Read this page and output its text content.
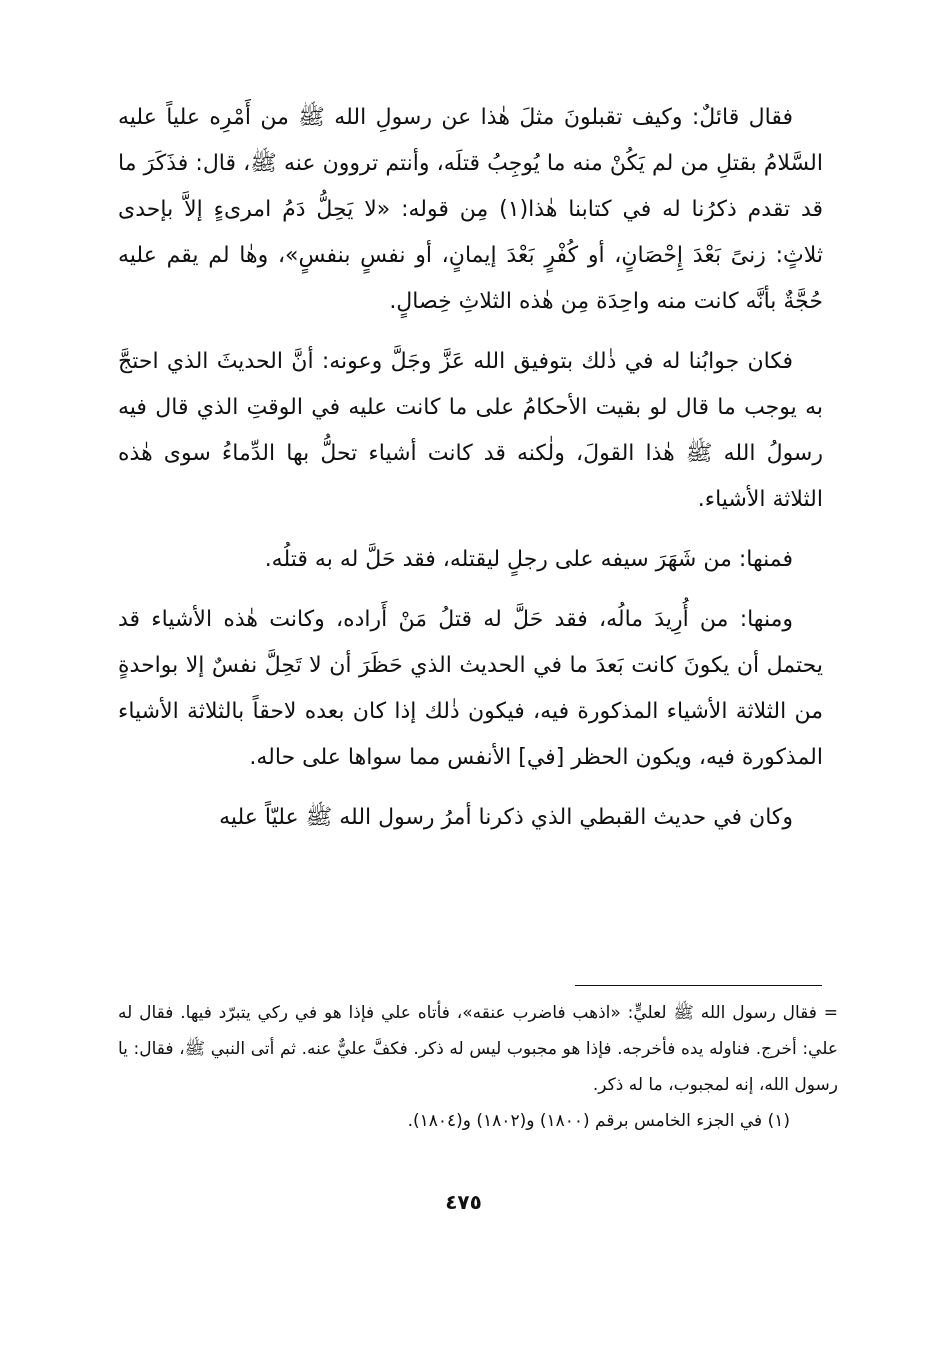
فقال قائلٌ: وكيف تقبلونَ مثلَ هٰذا عن رسولِ الله ﷺ من أَمْرِه علياً عليه السَّلامُ بقتلِ من لم يَكُنْ منه ما يُوجِبُ قتلَه، وأنتم تروون عنه ﷺ، قال: فذَكَرَ ما قد تقدم ذكرُنا له في كتابنا هٰذا(١) مِن قوله: «لا يَحِلُّ دَمُ امرىءٍ إلاَّ بإحدى ثلاثٍ: زنىً بَعْدَ إِحْصَانٍ، أو كُفْرٍ بَعْدَ إيمانٍ، أو نفسٍ بنفسٍ»، وهٰا لم يقم عليه حُجَّةٌ بأنَّه كانت منه واحِدَة مِن هٰذه الثلاثِ خِصالٍ.

فكان جوابُنا له في ذٰلك بتوفيق الله عَزَّ وجَلَّ وعونه: أنَّ الحديثَ الذي احتجَّ به يوجب ما قال لو بقيت الأحكامُ على ما كانت عليه في الوقتِ الذي قال فيه رسولُ الله ﷺ هٰذا القولَ، ولٰكنه قد كانت أشياء تحلُّ بها الدِّماءُ سوى هٰذه الثلاثة الأشياء.

فمنها: من شَهَرَ سيفه على رجلٍ ليقتله، فقد حَلَّ له به قتلُه.

ومنها: من أُرِيدَ مالُه، فقد حَلَّ له قتلُ مَنْ أَراده، وكانت هٰذه الأشياء قد يحتمل أن يكونَ كانت بَعدَ ما في الحديث الذي حَظَرَ أن لا تَحِلَّ نفسٌ إلا بواحدةٍ من الثلاثة الأشياء المذكورة فيه، فيكون ذٰلك إذا كان بعده لاحقاً بالثلاثة الأشياء المذكورة فيه، ويكون الحظر [في] الأنفس مما سواها على حاله.

وكان في حديث القبطي الذي ذكرنا أمرُ رسول الله ﷺ عليّاً عليه

= فقال رسول الله ﷺ لعليٍّ: «اذهب فاضرب عنقه»، فأتاه علي فإذا هو في ركي يتبرّد فيها. فقال له علي: أخرج. فناوله يده فأخرجه. فإذا هو مجبوب ليس له ذكر. فكفَّ عليٌّ عنه. ثم أتى النبي ﷺ، فقال: يا رسول الله، إنه لمجبوب، ما له ذكر.

(١) في الجزء الخامس برقم (١٨٠٠) و(١٨٠٢) و(١٨٠٤).

٤٧٥
